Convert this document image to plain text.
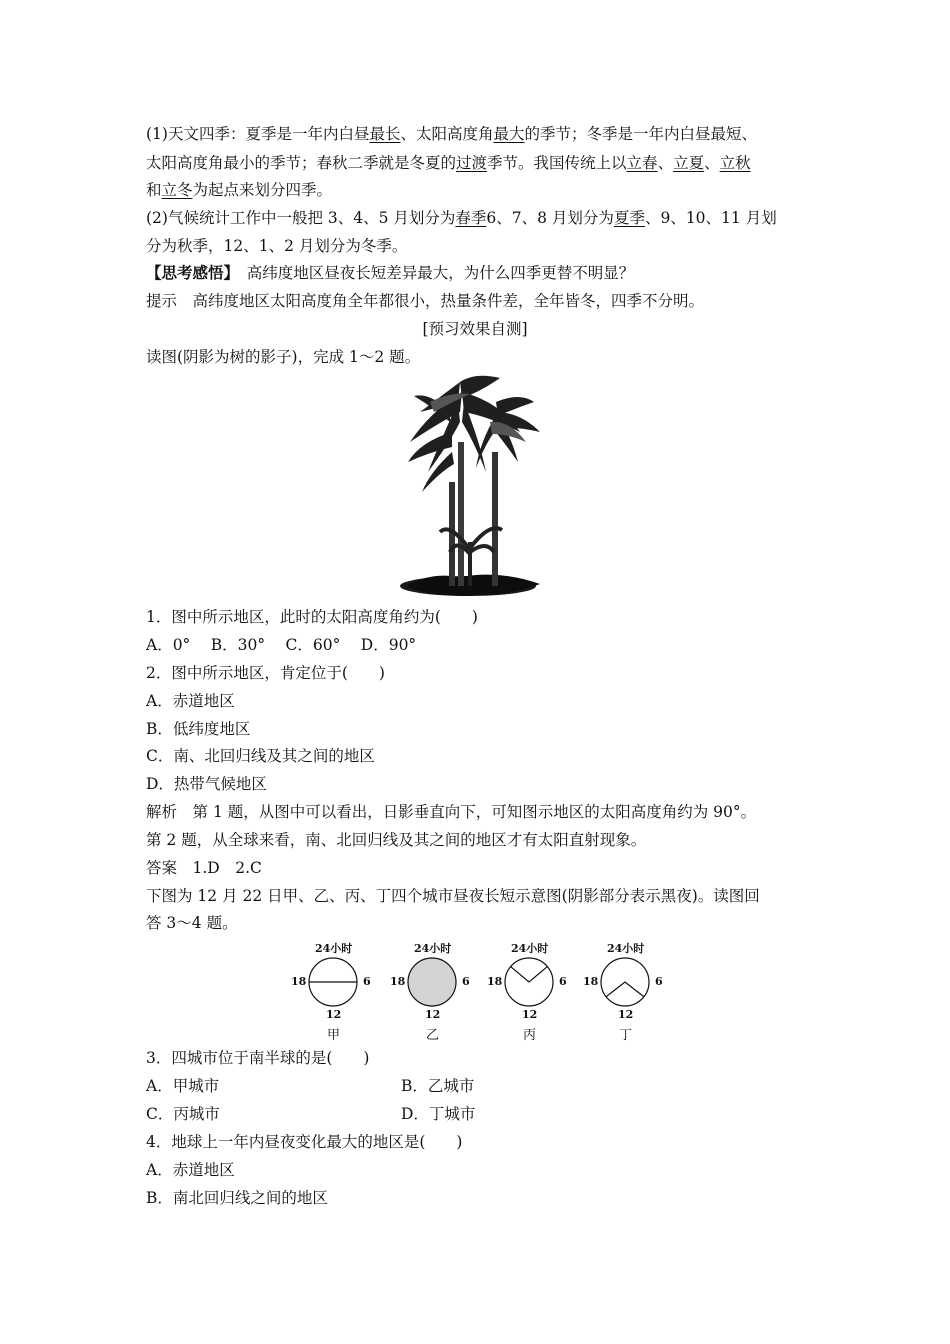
(1)天文四季：夏季是一年内白昼最长、太阳高度角最大的季节；冬季是一年内白昼最短、
太阳高度角最小的季节；春秋二季就是冬夏的过渡季节。我国传统上以立春、立夏、立秋
和立冬为起点来划分四季。
(2)气候统计工作中一般把 3、4、5 月划分为春季6、7、8 月划分为夏季、9、10、11 月划
分为秋季，12、1、2 月划分为冬季。
【思考感悟】　高纬度地区昼夜长短差异最大，为什么四季更替不明显？
提示　高纬度地区太阳高度角全年都很小，热量条件差，全年皆冬，四季不分明。
[预习效果自测]
读图(阴影为树的影子)，完成 1～2 题。
1．图中所示地区，此时的太阳高度角约为(　　)
A．0°　 B．30°　 C．60°　 D．90°
2．图中所示地区，肯定位于(　　)
A．赤道地区
B．低纬度地区
C．南、北回归线及其之间的地区
D．热带气候地区
解析　第 1 题，从图中可以看出，日影垂直向下，可知图示地区的太阳高度角约为 90°。
第 2 题，从全球来看，南、北回归线及其之间的地区才有太阳直射现象。
答案　1.D　2.C
下图为 12 月 22 日甲、乙、丙、丁四个城市昼夜长短示意图(阴影部分表示黑夜)。读图回
答 3～4 题。
24小时
18	6
12
甲
24小时
18	6
12
乙
24小时
18	6
12
丙
24小时
18	6
12
丁
3．四城市位于南半球的是(　　)
A．甲城市	B．乙城市
C．丙城市	D．丁城市
4．地球上一年内昼夜变化最大的地区是(　　)
A．赤道地区
B．南北回归线之间的地区
